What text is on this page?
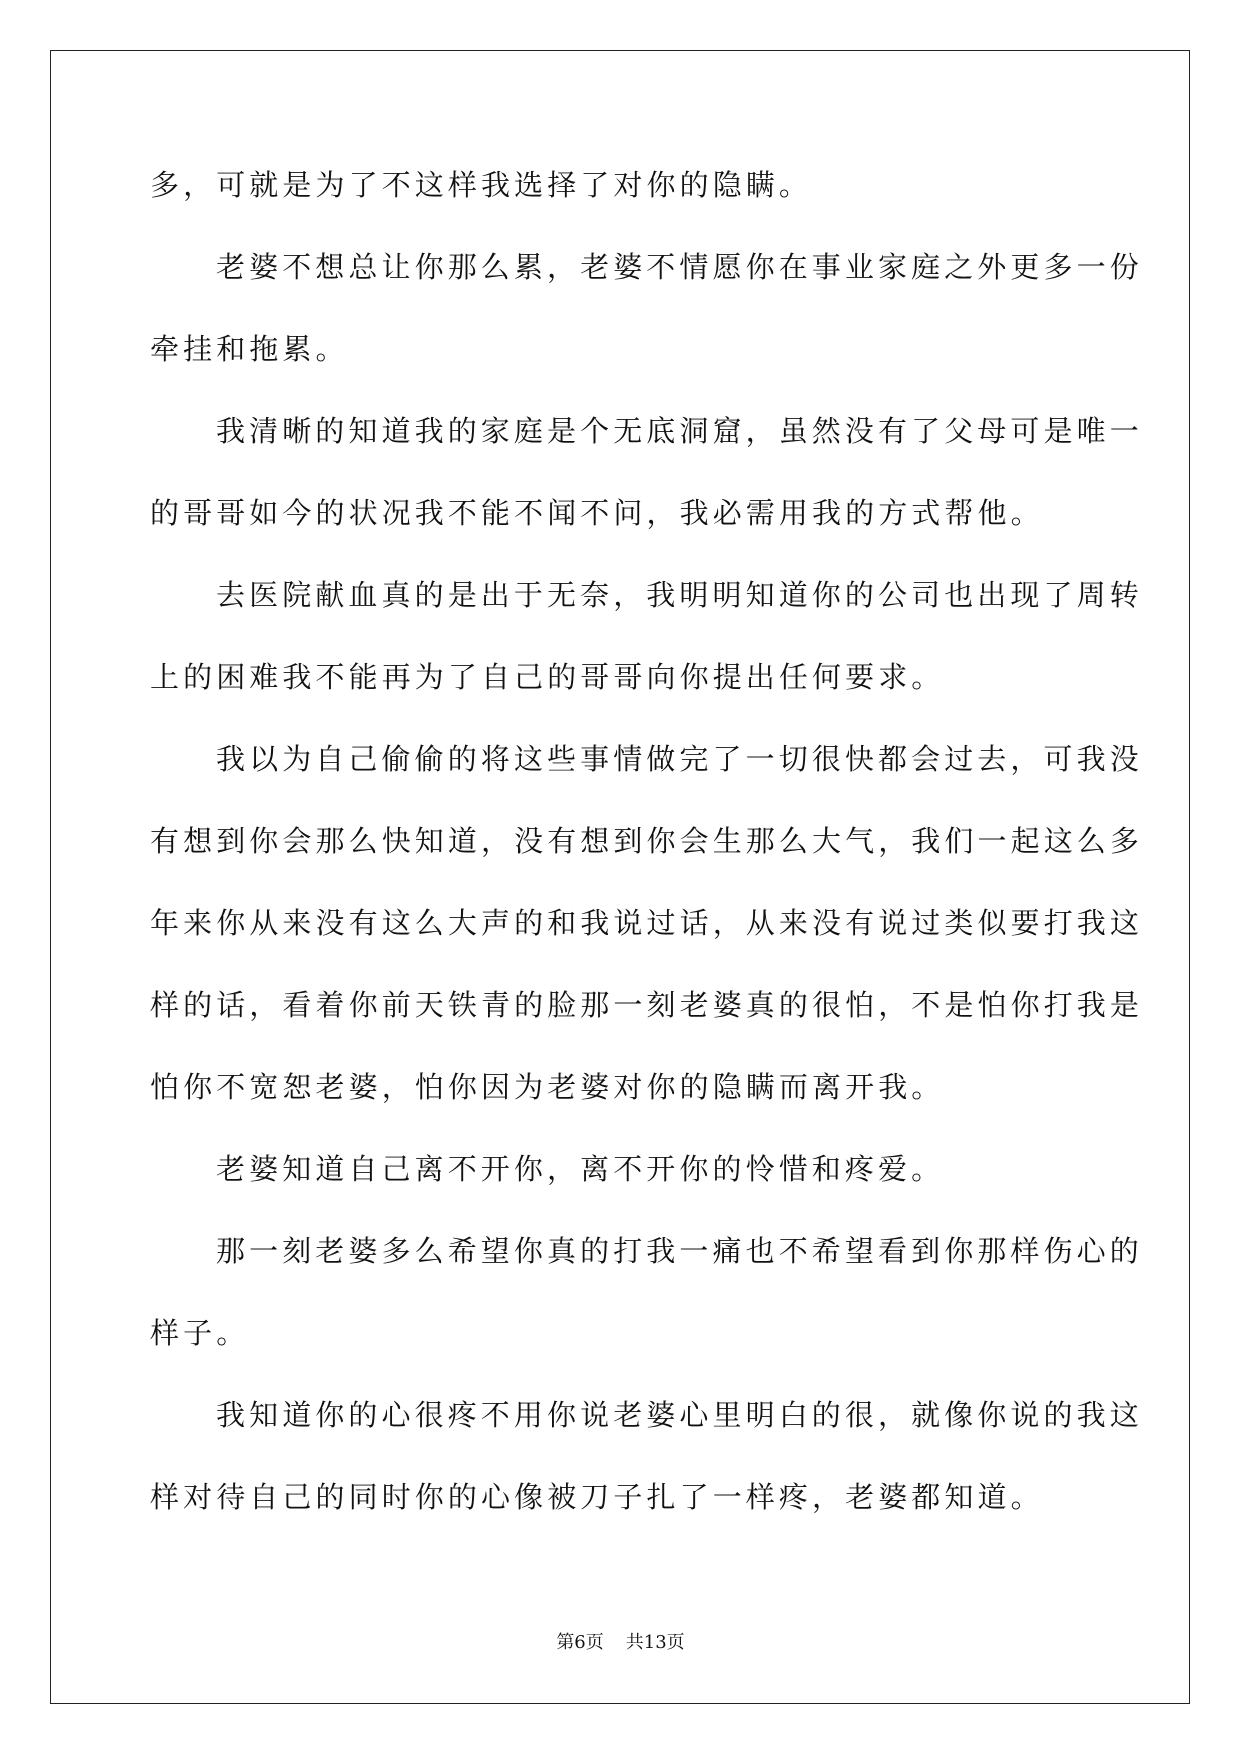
多，可就是为了不这样我选择了对你的隐瞒。
老婆不想总让你那么累，老婆不情愿你在事业家庭之外更多一份
牵挂和拖累。
我清晰的知道我的家庭是个无底洞窟，虽然没有了父母可是唯一
的哥哥如今的状况我不能不闻不问，我必需用我的方式帮他。
去医院献血真的是出于无奈，我明明知道你的公司也出现了周转
上的困难我不能再为了自己的哥哥向你提出任何要求。
我以为自己偷偷的将这些事情做完了一切很快都会过去，可我没
有想到你会那么快知道，没有想到你会生那么大气，我们一起这么多
年来你从来没有这么大声的和我说过话，从来没有说过类似要打我这
样的话，看着你前天铁青的脸那一刻老婆真的很怕，不是怕你打我是
怕你不宽恕老婆，怕你因为老婆对你的隐瞒而离开我。
老婆知道自己离不开你，离不开你的怜惜和疼爱。
那一刻老婆多么希望你真的打我一痛也不希望看到你那样伤心的
样子。
我知道你的心很疼不用你说老婆心里明白的很，就像你说的我这
样对待自己的同时你的心像被刀子扎了一样疼，老婆都知道。
第6页 共13页
